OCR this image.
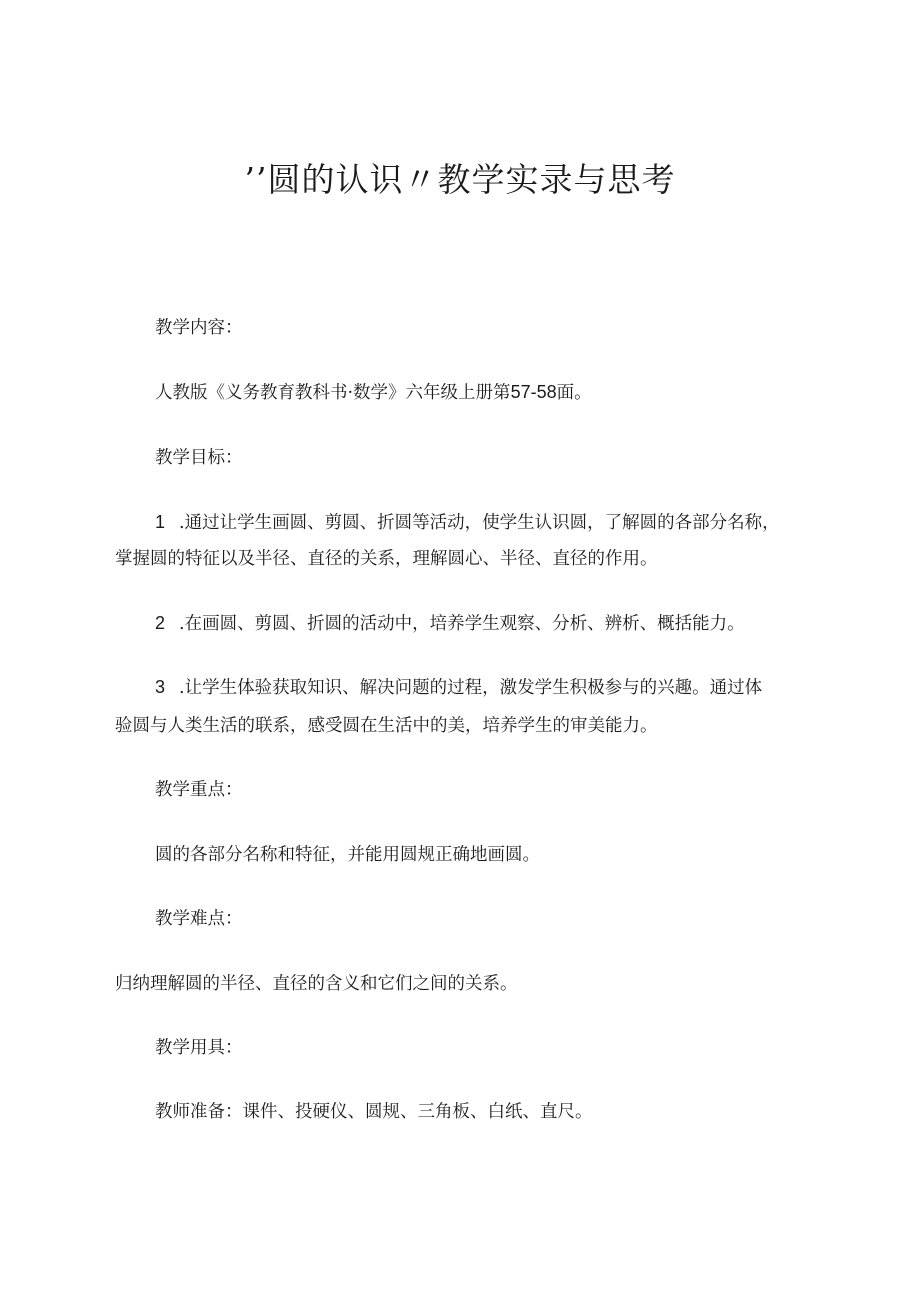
’’圆的认识〃教学实录与思考
教学内容：
人教版《义务教育教科书·数学》六年级上册第57-58面。
教学目标：
1 .通过让学生画圆、剪圆、折圆等活动，使学生认识圆，了解圆的各部分名称，
掌握圆的特征以及半径、直径的关系，理解圆心、半径、直径的作用。
2 .在画圆、剪圆、折圆的活动中，培养学生观察、分析、辨析、概括能力。
3 .让学生体验获取知识、解决问题的过程，激发学生积极参与的兴趣。通过体
验圆与人类生活的联系，感受圆在生活中的美，培养学生的审美能力。
教学重点：
圆的各部分名称和特征，并能用圆规正确地画圆。
教学难点：
归纳理解圆的半径、直径的含义和它们之间的关系。
教学用具：
教师准备：课件、投硬仪、圆规、三角板、白纸、直尺。
